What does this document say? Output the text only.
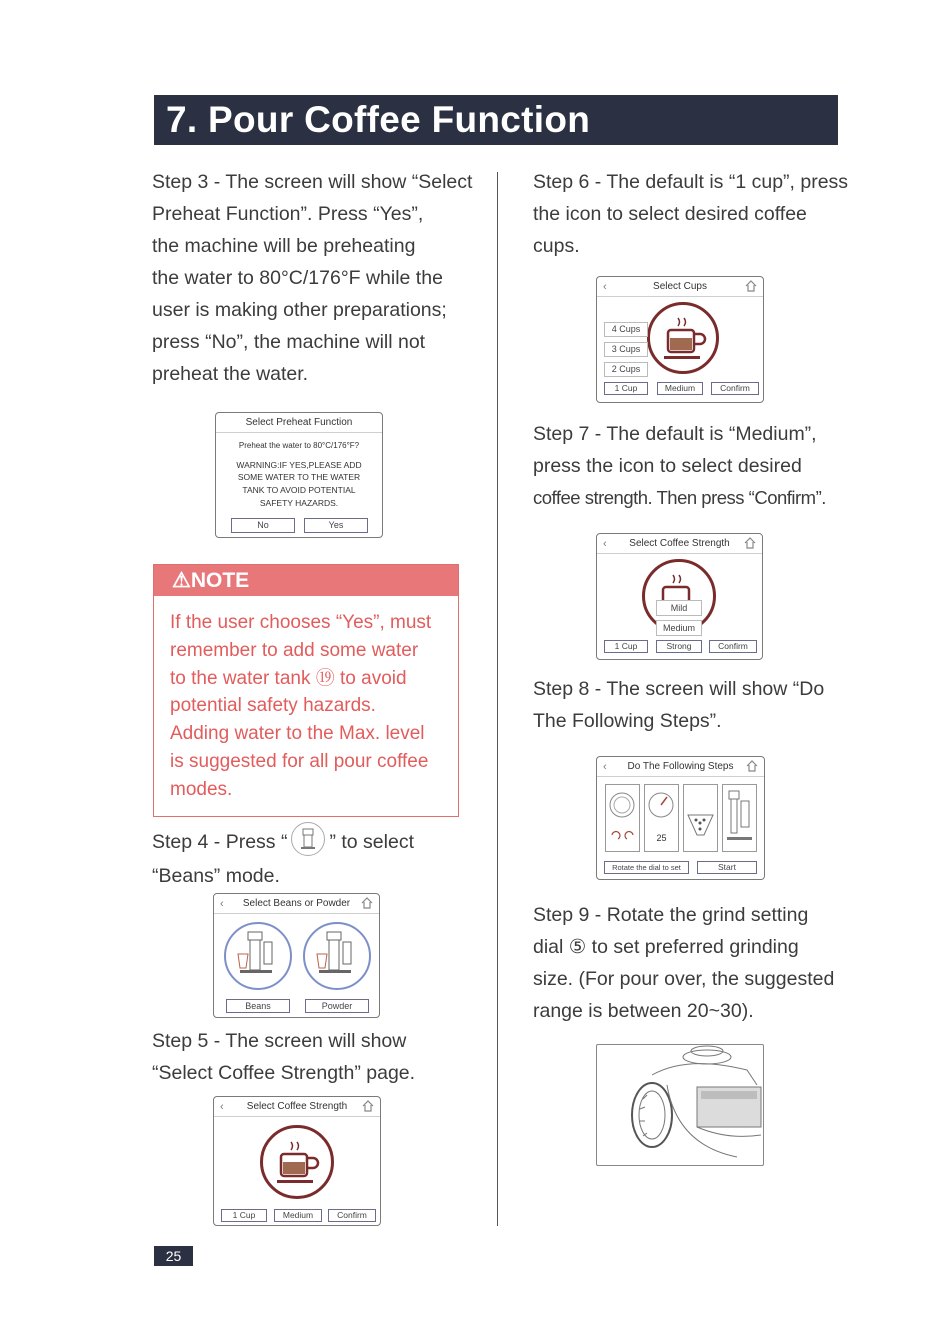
7. Pour Coffee Function

Step 3 - The screen will show “Select

Preheat Function”. Press “Yes”,

the machine will be preheating

the water to 80°C/176°F while the

user is making other preparations;

press “No”, the machine will not

preheat the water.

Select Preheat Function
Preheat the water to 80°C/176°F?
WARNING:IF YES,PLEASE ADD
SOME WATER TO THE WATER
TANK TO AVOID POTENTIAL
SAFETY HAZARDS.
No	Yes
⚠NOTE

If the user chooses “Yes”, must

remember to add some water

to the water tank ⑲ to avoid

potential safety hazards.

Adding water to the Max. level

is suggested for all pour coffee

modes.

Step 4 - Press “ ” to select

“Beans” mode.

‹ Select Beans or Powder
Beans	Powder

Step 5 - The screen will show

“Select Coffee Strength” page.

‹ Select Coffee Strength
1 Cup	Medium	Confirm

Step 6 - The default is “1 cup”, press

the icon to select desired coffee

cups.

‹	Select Cups
4 Cups
3 Cups
2 Cups
1 Cup	Medium	Confirm

Step 7 - The default is “Medium”,

press the icon to select desired

coffee strength. Then press “Confirm”.

‹ Select Coffee Strength
Mild
Medium
1 Cup	Strong	Confirm

Step 8 - The screen will show “Do

The Following Steps”.

‹ Do The Following Steps
25
Rotate the dial to set	Start

Step 9 - Rotate the grind setting

dial ⑤ to set preferred grinding

size. (For pour over, the suggested

range is between 20~30).

25
